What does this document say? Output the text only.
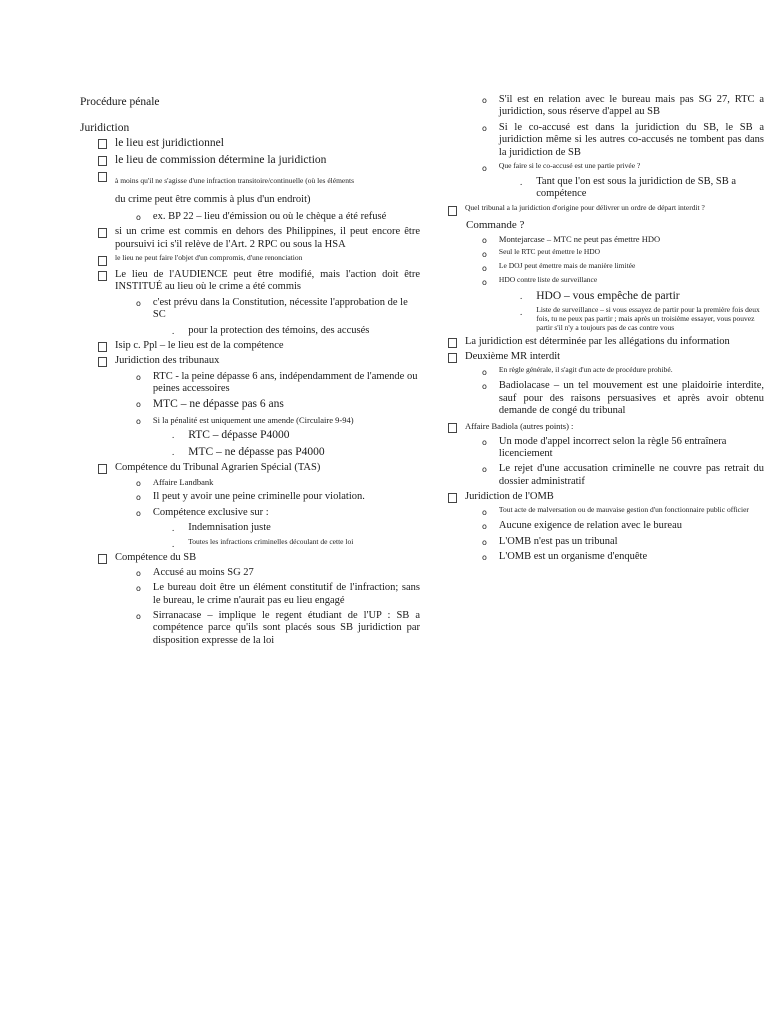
Procédure pénale
Juridiction
le lieu est juridictionnel
le lieu de commission détermine la juridiction
à moins qu'il ne s'agisse d'une infraction transitoire/continuelle (où les éléments
du crime peut être commis à plus d'un endroit)
o ex. BP 22 – lieu d'émission ou où le chèque a été refusé
si un crime est commis en dehors des Philippines, il peut encore être poursuivi ici s'il relève de l'Art. 2 RPC ou sous la HSA
le lieu ne peut faire l'objet d'un compromis, d'une renonciation
Le lieu de l'AUDIENCE peut être modifié, mais l'action doit être INSTITUÉ au lieu où le crime a été commis
o c'est prévu dans la Constitution, nécessite l'approbation de le SC
. pour la protection des témoins, des accusés
Isip c. Ppl – le lieu est de la compétence
Juridiction des tribunaux
o RTC - la peine dépasse 6 ans, indépendamment de l'amende ou peines accessoires
o MTC – ne dépasse pas 6 ans
o Si la pénalité est uniquement une amende (Circulaire 9-94)
. RTC – dépasse P4000
. MTC – ne dépasse pas P4000
Compétence du Tribunal Agrarien Spécial (TAS)
o Affaire Landbank
o Il peut y avoir une peine criminelle pour violation.
o Compétence exclusive sur :
. Indemnisation juste
. Toutes les infractions criminelles découlant de cette loi
Compétence du SB
o Accusé au moins SG 27
o Le bureau doit être un élément constitutif de l'infraction; sans le bureau, le crime n'aurait pas eu lieu engagé
o Sirranacase – implique le regent étudiant de l'UP : SB a compétence parce qu'ils sont placés sous SB juridiction par disposition expresse de la loi
o S'il est en relation avec le bureau mais pas SG 27, RTC a juridiction, sous réserve d'appel au SB
o Si le co-accusé est dans la juridiction du SB, le SB a juridiction même si les autres co-accusés ne tombent pas dans la juridiction de SB
o Que faire si le co-accusé est une partie privée ?
. Tant que l'on est sous la juridiction de SB, SB a compétence
Quel tribunal a la juridiction d'origine pour délivrer un ordre de départ interdit ?
Commande ?
o Montejarcase – MTC ne peut pas émettre HDO
o Seul le RTC peut émettre le HDO
o Le DOJ peut émettre mais de manière limitée
o HDO contre liste de surveillance
. HDO – vous empêche de partir
. Liste de surveillance – si vous essayez de partir pour la première fois deux fois, tu ne peux pas partir ; mais après un troisième essayer, vous pouvez partir s'il n'y a toujours pas de cas contre vous
La juridiction est déterminée par les allégations du information
Deuxième MR interdit
o En règle générale, il s'agit d'un acte de procédure prohibé.
o Badiolacase – un tel mouvement est une plaidoirie interdite, sauf pour des raisons persuasives et après avoir obtenu demande de congé du tribunal
Affaire Badiola (autres points) :
o Un mode d'appel incorrect selon la règle 56 entraînera licenciement
o Le rejet d'une accusation criminelle ne couvre pas retrait du dossier administratif
Juridiction de l'OMB
o Tout acte de malversation ou de mauvaise gestion d'un fonctionnaire public officier
o Aucune exigence de relation avec le bureau
o L'OMB n'est pas un tribunal
o L'OMB est un organisme d'enquête
